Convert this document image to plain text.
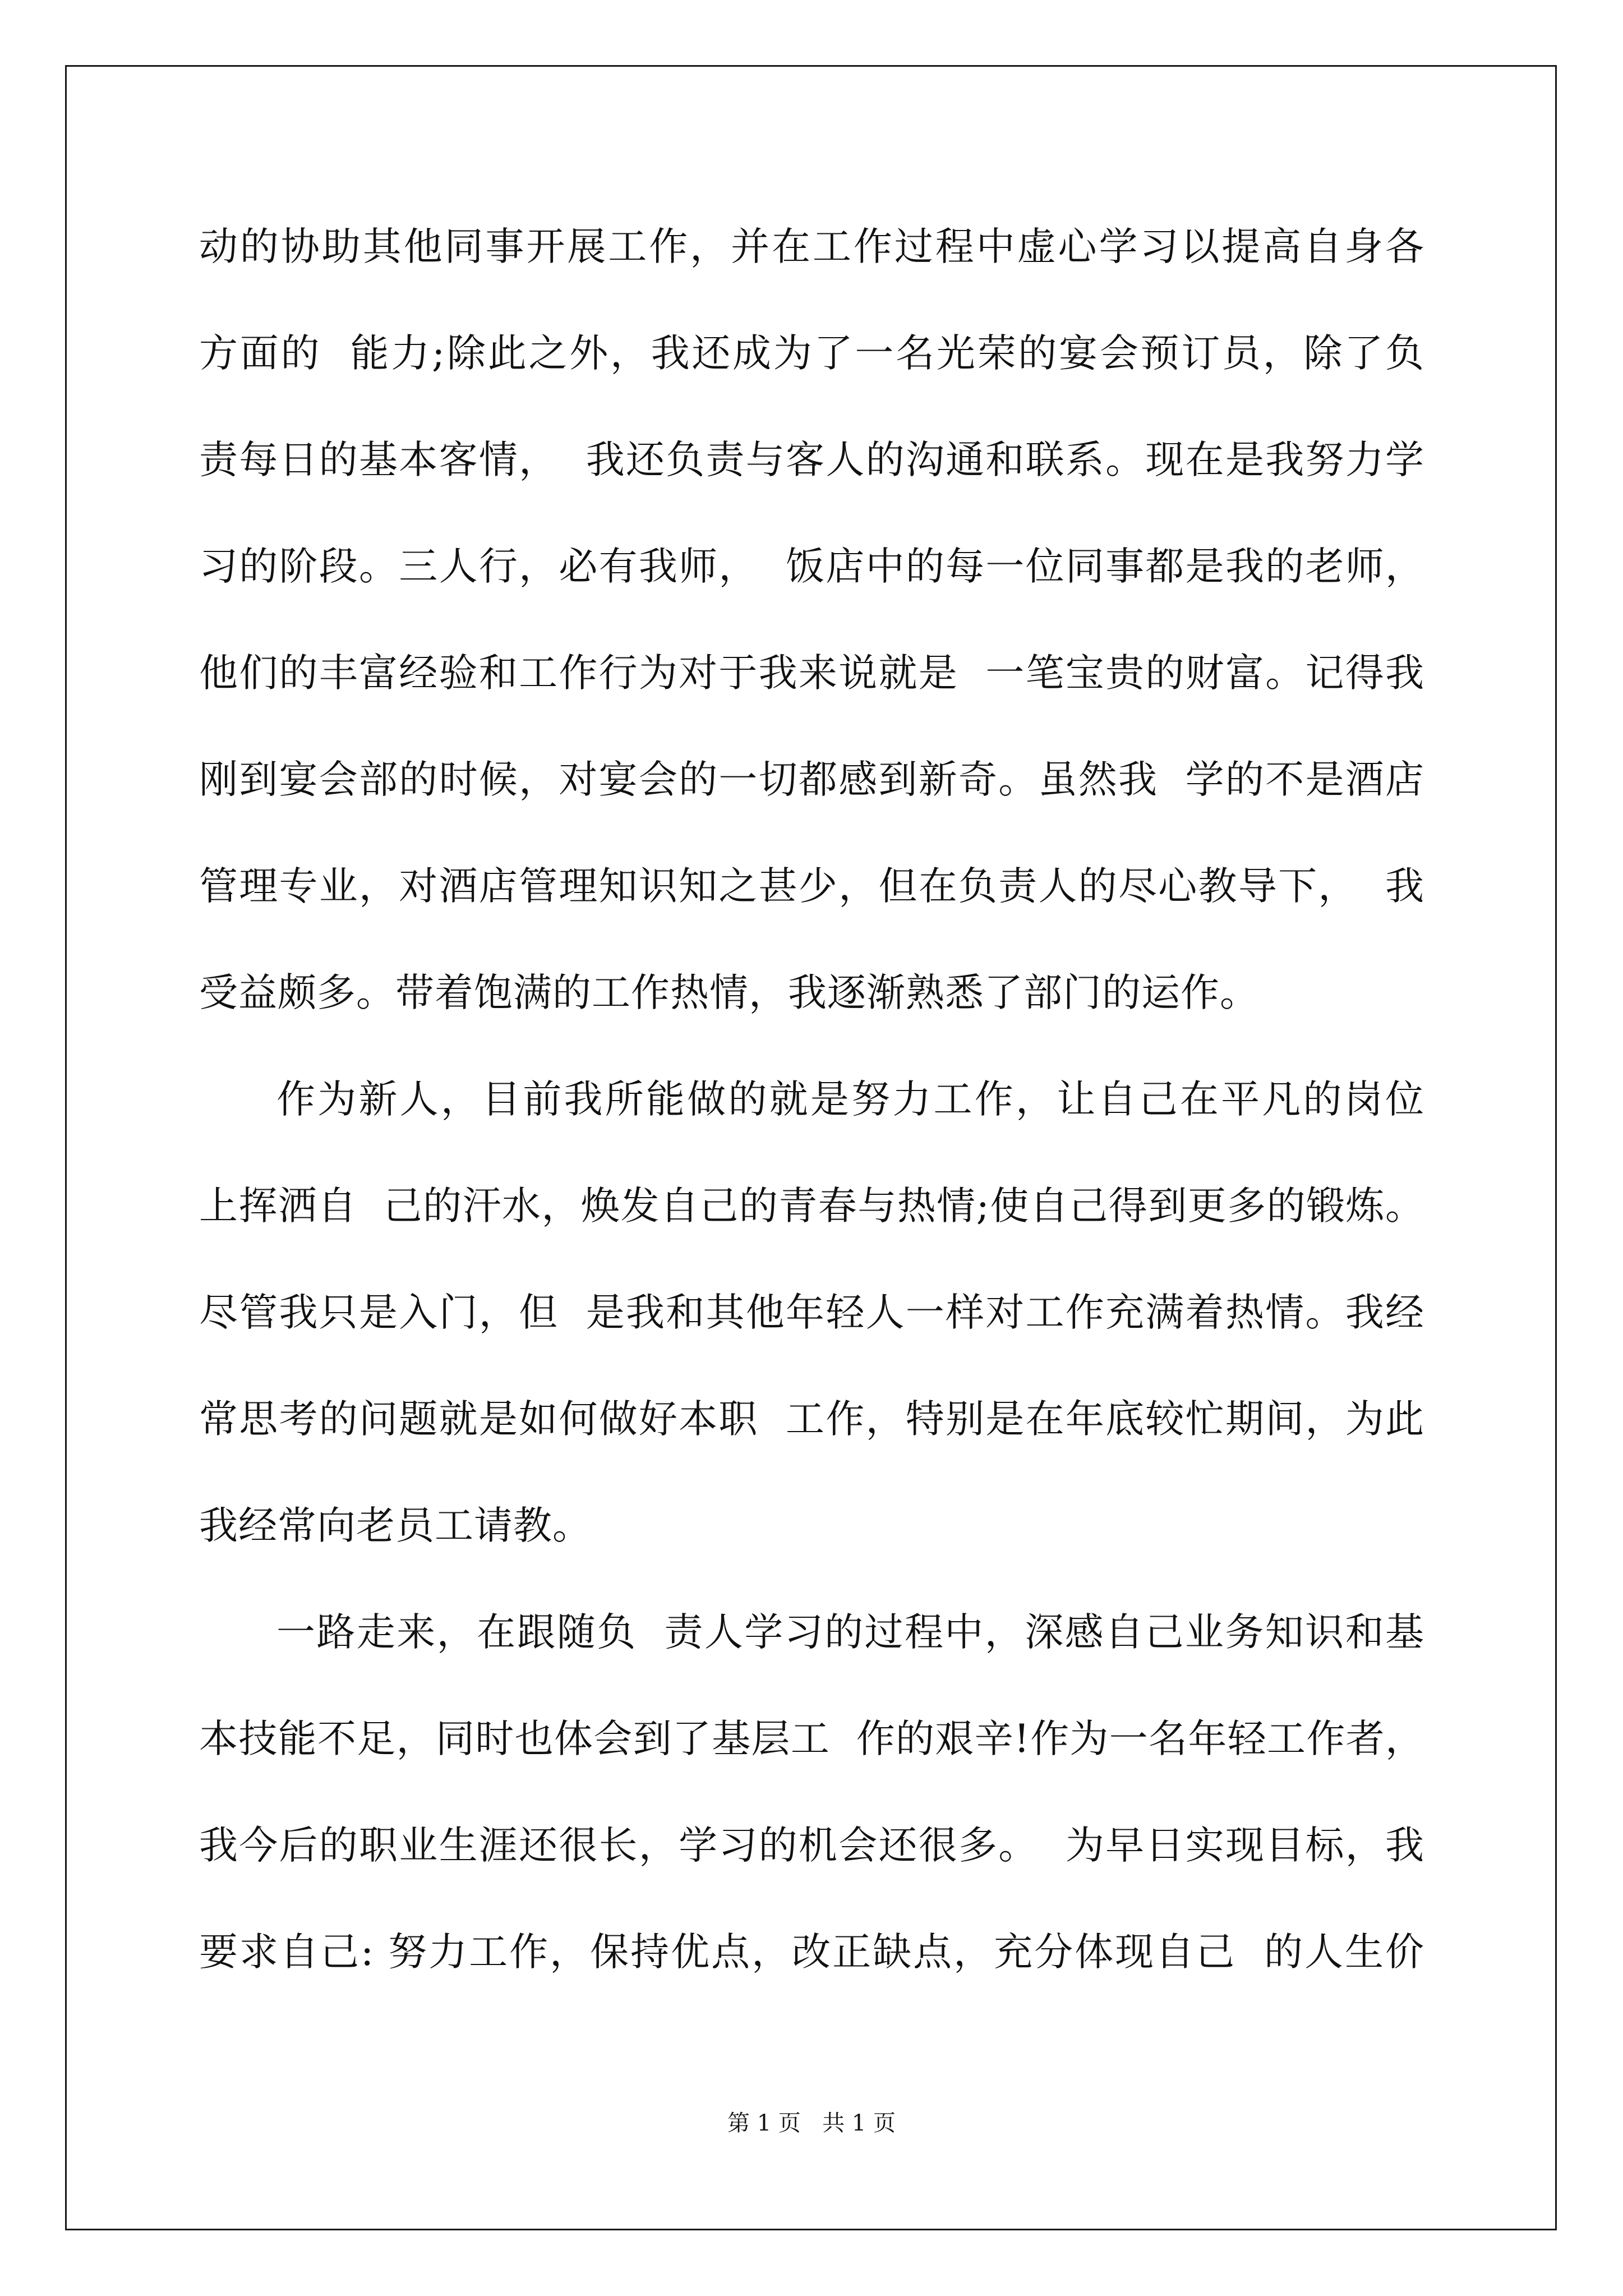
动的协助其他同事开展工作，并在工作过程中虚心学习以提高自身各
方面的  能力;除此之外，我还成为了一名光荣的宴会预订员，除了负
责每日的基本客情，  我还负责与客人的沟通和联系。现在是我努力学
习的阶段。三人行，必有我师，  饭店中的每一位同事都是我的老师，
他们的丰富经验和工作行为对于我来说就是  一笔宝贵的财富。记得我
刚到宴会部的时候，对宴会的一切都感到新奇。虽然我  学的不是酒店
管理专业，对酒店管理知识知之甚少，但在负责人的尽心教导下，  我
受益颇多。带着饱满的工作热情，我逐渐熟悉了部门的运作。
作为新人，目前我所能做的就是努力工作，让自己在平凡的岗位
上挥洒自  己的汗水，焕发自己的青春与热情;使自己得到更多的锻炼。
尽管我只是入门，但  是我和其他年轻人一样对工作充满着热情。我经
常思考的问题就是如何做好本职  工作，特别是在年底较忙期间，为此
我经常向老员工请教。
一路走来，在跟随负  责人学习的过程中，深感自己业务知识和基
本技能不足，同时也体会到了基层工  作的艰辛!作为一名年轻工作者，
我今后的职业生涯还很长，学习的机会还很多。  为早日实现目标，我
要求自己: 努力工作，保持优点，改正缺点，充分体现自己  的人生价
第 1 页   共 1 页
